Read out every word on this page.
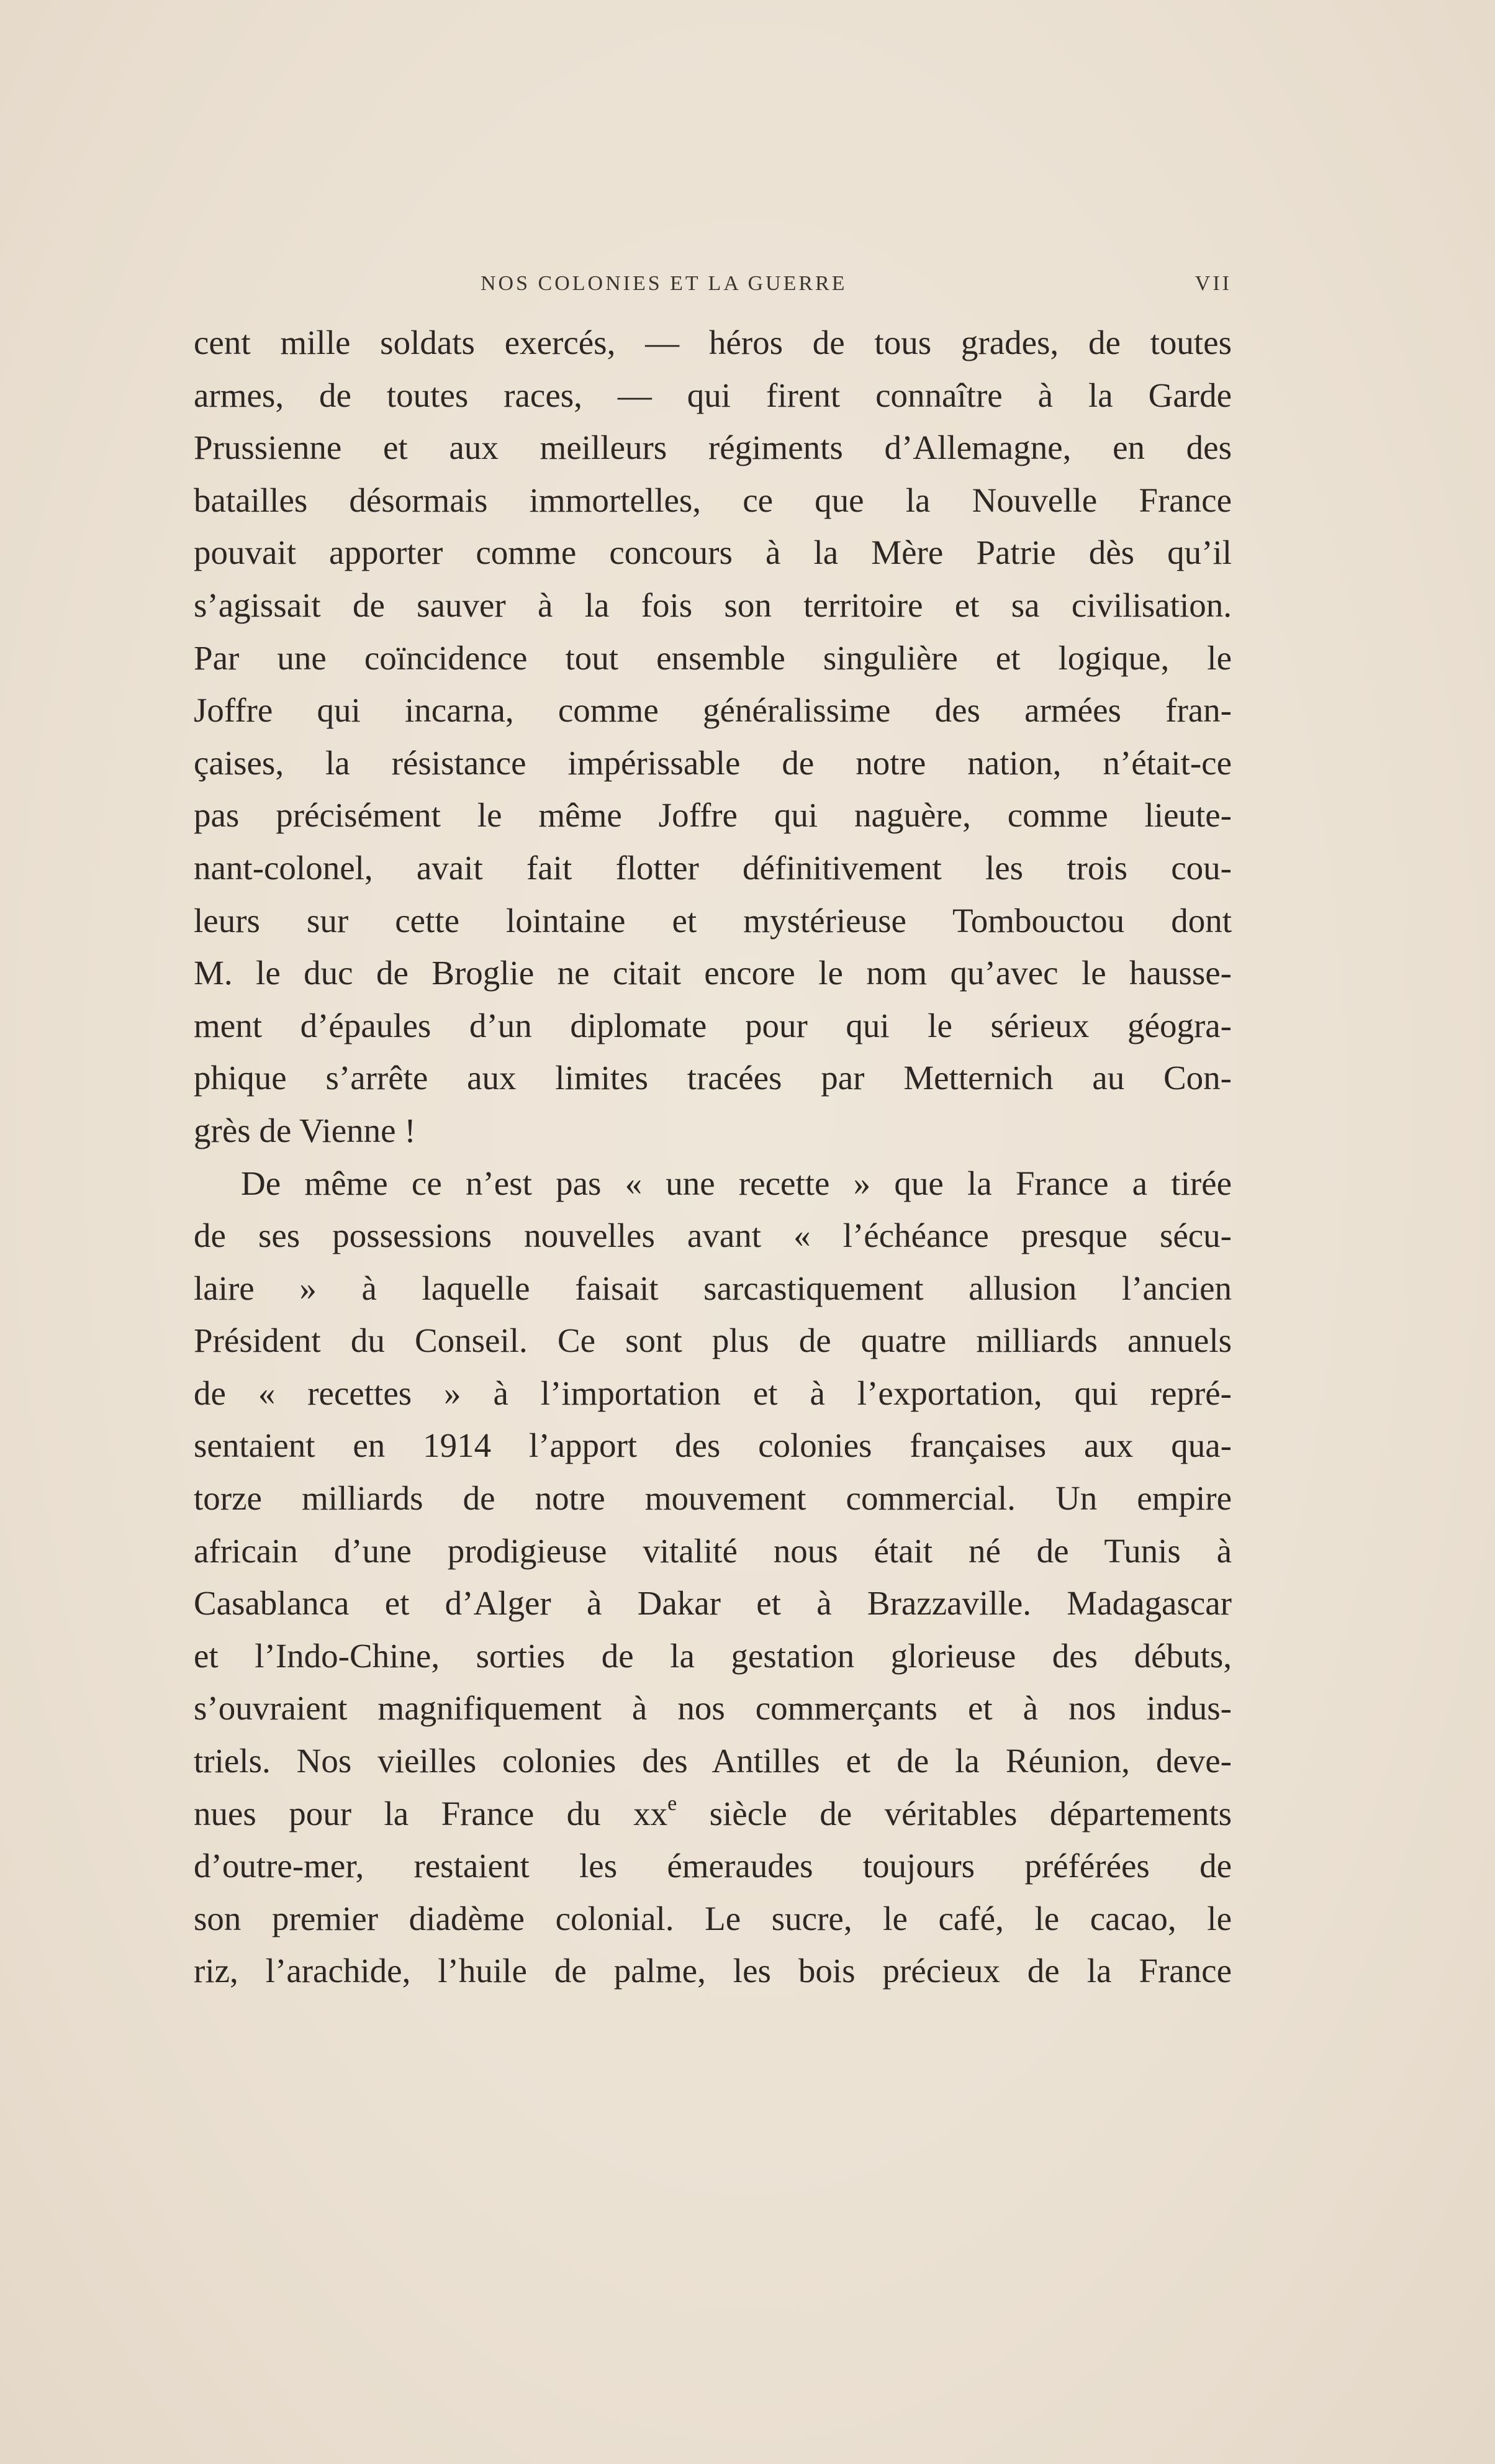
NOS COLONIES ET LA GUERRE	VII
cent mille soldats exercés, — héros de tous grades, de toutes
armes, de toutes races, — qui firent connaître à la Garde
Prussienne et aux meilleurs régiments d’Allemagne, en des
batailles désormais immortelles, ce que la Nouvelle France
pouvait apporter comme concours à la Mère Patrie dès qu’il
s’agissait de sauver à la fois son territoire et sa civilisation.
Par une coïncidence tout ensemble singulière et logique, le
Joffre qui incarna, comme généralissime des armées fran-
çaises, la résistance impérissable de notre nation, n’était-ce
pas précisément le même Joffre qui naguère, comme lieute-
nant-colonel, avait fait flotter définitivement les trois cou-
leurs sur cette lointaine et mystérieuse Tombouctou dont
M. le duc de Broglie ne citait encore le nom qu’avec le hausse-
ment d’épaules d’un diplomate pour qui le sérieux géogra-
phique s’arrête aux limites tracées par Metternich au Con-
grès de Vienne !
De même ce n’est pas « une recette » que la France a tirée
de ses possessions nouvelles avant « l’échéance presque sécu-
laire » à laquelle faisait sarcastiquement allusion l’ancien
Président du Conseil. Ce sont plus de quatre milliards annuels
de « recettes » à l’importation et à l’exportation, qui repré-
sentaient en 1914 l’apport des colonies françaises aux qua-
torze milliards de notre mouvement commercial. Un empire
africain d’une prodigieuse vitalité nous était né de Tunis à
Casablanca et d’Alger à Dakar et à Brazzaville. Madagascar
et l’Indo-Chine, sorties de la gestation glorieuse des débuts,
s’ouvraient magnifiquement à nos commerçants et à nos indus-
triels. Nos vieilles colonies des Antilles et de la Réunion, deve-
nues pour la France du $xx^e$ siècle de véritables départements
d’outre-mer, restaient les émeraudes toujours préférées de
son premier diadème colonial. Le sucre, le café, le cacao, le
riz, l’arachide, l’huile de palme, les bois précieux de la France
